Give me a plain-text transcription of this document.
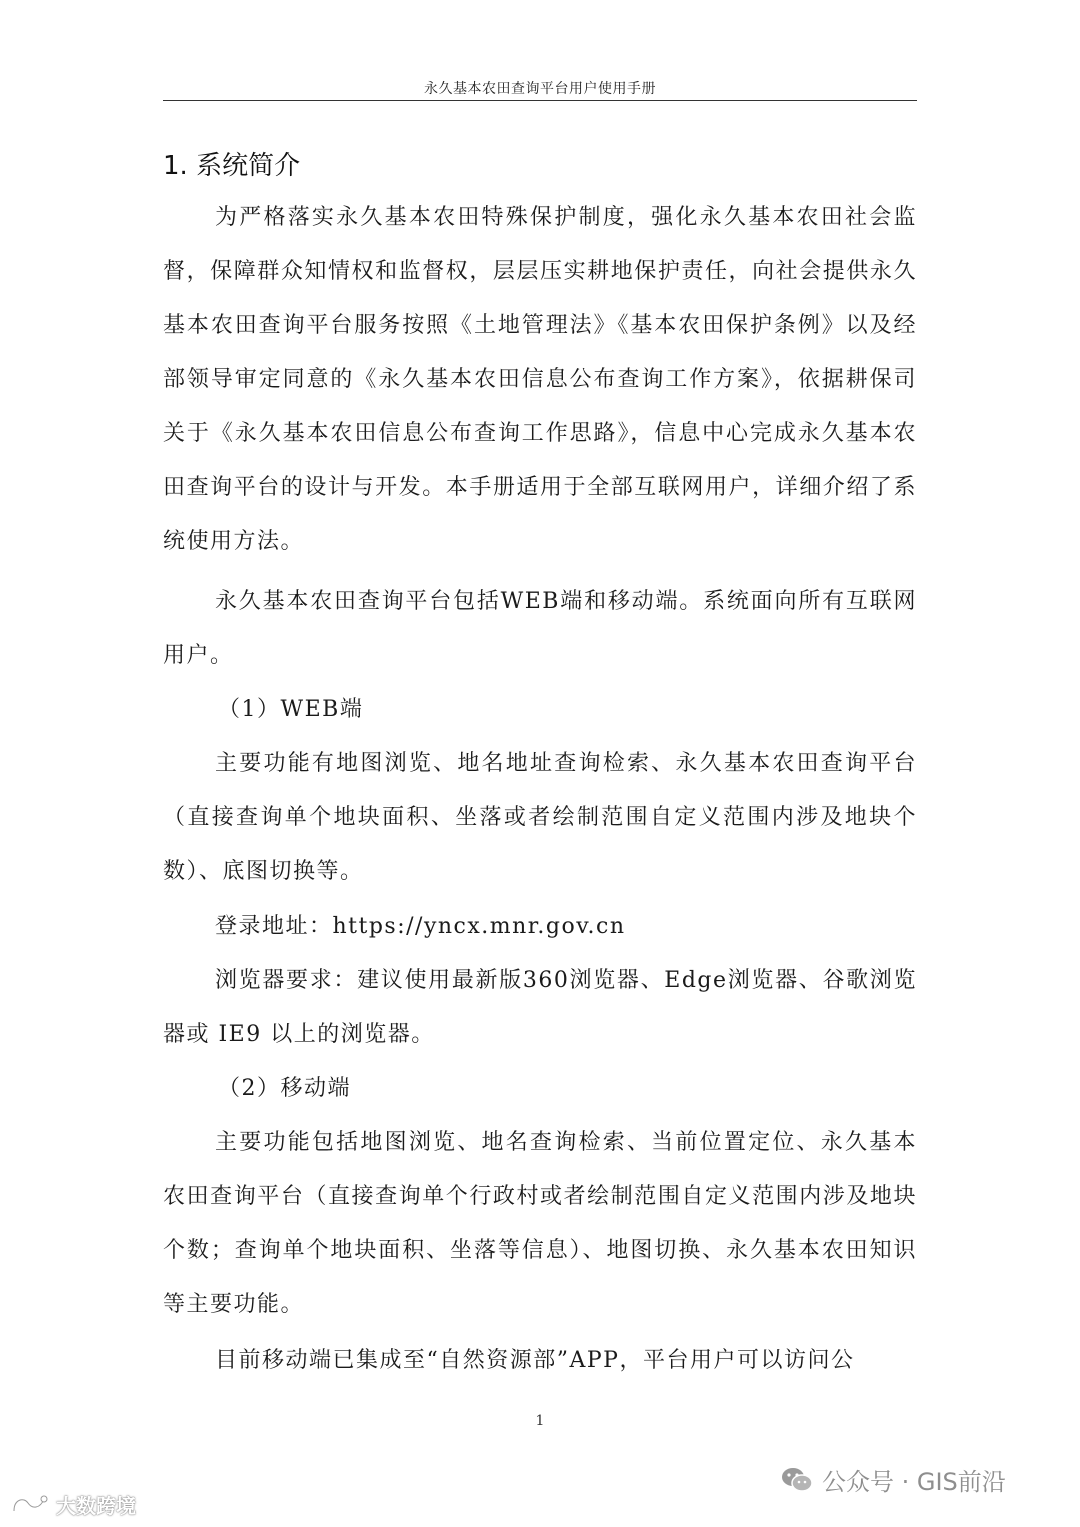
永久基本农田查询平台用户使用手册
1. 系统简介

为严格落实永久基本农田特殊保护制度，强化永久基本农田社会监督，保障群众知情权和监督权，层层压实耕地保护责任，向社会提供永久基本农田查询平台服务按照《土地管理法》《基本农田保护条例》以及经部领导审定同意的《永久基本农田信息公布查询工作方案》，依据耕保司关于《永久基本农田信息公布查询工作思路》，信息中心完成永久基本农田查询平台的设计与开发。本手册适用于全部互联网用户，详细介绍了系统使用方法。

永久基本农田查询平台包括WEB端和移动端。系统面向所有互联网用户。

（1）WEB端

主要功能有地图浏览、地名地址查询检索、永久基本农田查询平台（直接查询单个地块面积、坐落或者绘制范围自定义范围内涉及地块个数）、底图切换等。

登录地址：https://yncx.mnr.gov.cn

浏览器要求：建议使用最新版360浏览器、Edge浏览器、谷歌浏览器或 IE9 以上的浏览器。

（2）移动端

主要功能包括地图浏览、地名查询检索、当前位置定位、永久基本农田查询平台（直接查询单个行政村或者绘制范围自定义范围内涉及地块个数；查询单个地块面积、坐落等信息）、地图切换、永久基本农田知识等主要功能。

目前移动端已集成至“自然资源部”APP，平台用户可以访问公

1
公众号 · GIS前沿
大数跨境
